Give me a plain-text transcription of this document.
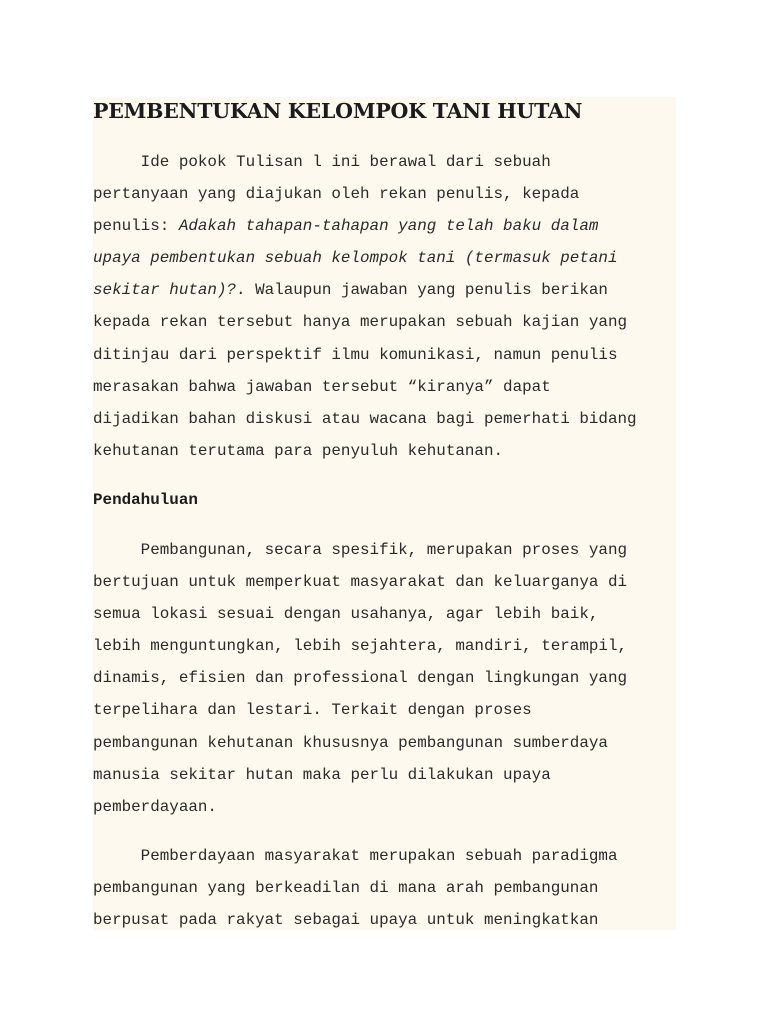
PEMBENTUKAN KELOMPOK TANI HUTAN
Ide pokok Tulisan l ini berawal dari sebuah
pertanyaan yang diajukan oleh rekan penulis, kepada
penulis: Adakah tahapan-tahapan yang telah baku dalam
upaya pembentukan sebuah kelompok tani (termasuk petani
sekitar hutan)?. Walaupun jawaban yang penulis berikan
kepada rekan tersebut hanya merupakan sebuah kajian yang
ditinjau dari perspektif ilmu komunikasi, namun penulis
merasakan bahwa jawaban tersebut “kiranya” dapat
dijadikan bahan diskusi atau wacana bagi pemerhati bidang
kehutanan terutama para penyuluh kehutanan.
Pendahuluan
Pembangunan, secara spesifik, merupakan proses yang
bertujuan untuk memperkuat masyarakat dan keluarganya di
semua lokasi sesuai dengan usahanya, agar lebih baik,
lebih menguntungkan, lebih sejahtera, mandiri, terampil,
dinamis, efisien dan professional dengan lingkungan yang
terpelihara dan lestari. Terkait dengan proses
pembangunan kehutanan khususnya pembangunan sumberdaya
manusia sekitar hutan maka perlu dilakukan upaya
pemberdayaan.
Pemberdayaan masyarakat merupakan sebuah paradigma
pembangunan yang berkeadilan di mana arah pembangunan
berpusat pada rakyat sebagai upaya untuk meningkatkan
